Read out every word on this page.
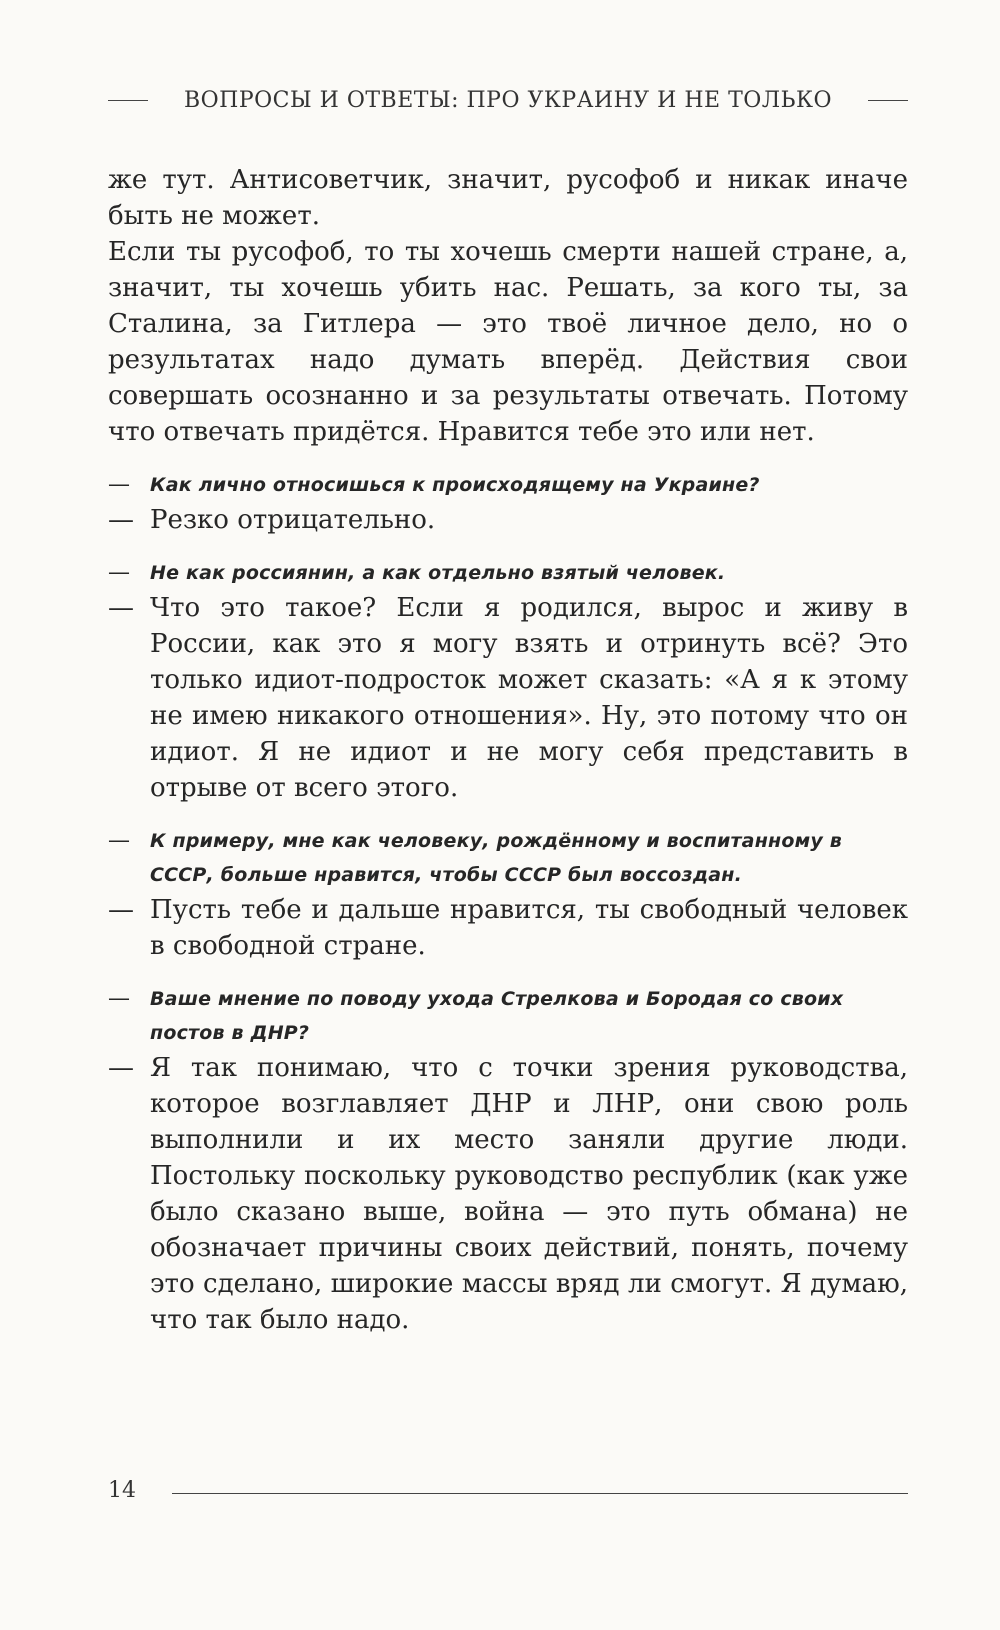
ВОПРОСЫ И ОТВЕТЫ: ПРО УКРАИНУ И НЕ ТОЛЬКО

же тут. Антисоветчик, значит, русофоб и никак иначе быть не может.

Если ты русофоб, то ты хочешь смерти нашей стране, а, значит, ты хочешь убить нас. Решать, за кого ты, за Сталина, за Гитлера — это твоё личное дело, но о результатах надо думать вперёд. Действия свои совершать осознанно и за результаты отвечать. Потому что отвечать придётся. Нравится тебе это или нет.

— Как лично относишься к происходящему на Украине?

— Резко отрицательно.

— Не как россиянин, а как отдельно взятый человек.

— Что это такое? Если я родился, вырос и живу в России, как это я могу взять и отринуть всё? Это только идиот-подросток может сказать: «А я к этому не имею никакого отношения». Ну, это потому что он идиот. Я не идиот и не могу себя представить в отрыве от всего этого.

— К примеру, мне как человеку, рождённому и воспитанному в СССР, больше нравится, чтобы СССР был воссоздан.

— Пусть тебе и дальше нравится, ты свободный человек в свободной стране.

— Ваше мнение по поводу ухода Стрелкова и Бородая со своих постов в ДНР?

— Я так понимаю, что с точки зрения руководства, которое возглавляет ДНР и ЛНР, они свою роль выполнили и их место заняли другие люди. Постольку поскольку руководство республик (как уже было сказано выше, война — это путь обмана) не обозначает причины своих действий, понять, почему это сделано, широкие массы вряд ли смогут. Я думаю, что так было надо.

14
